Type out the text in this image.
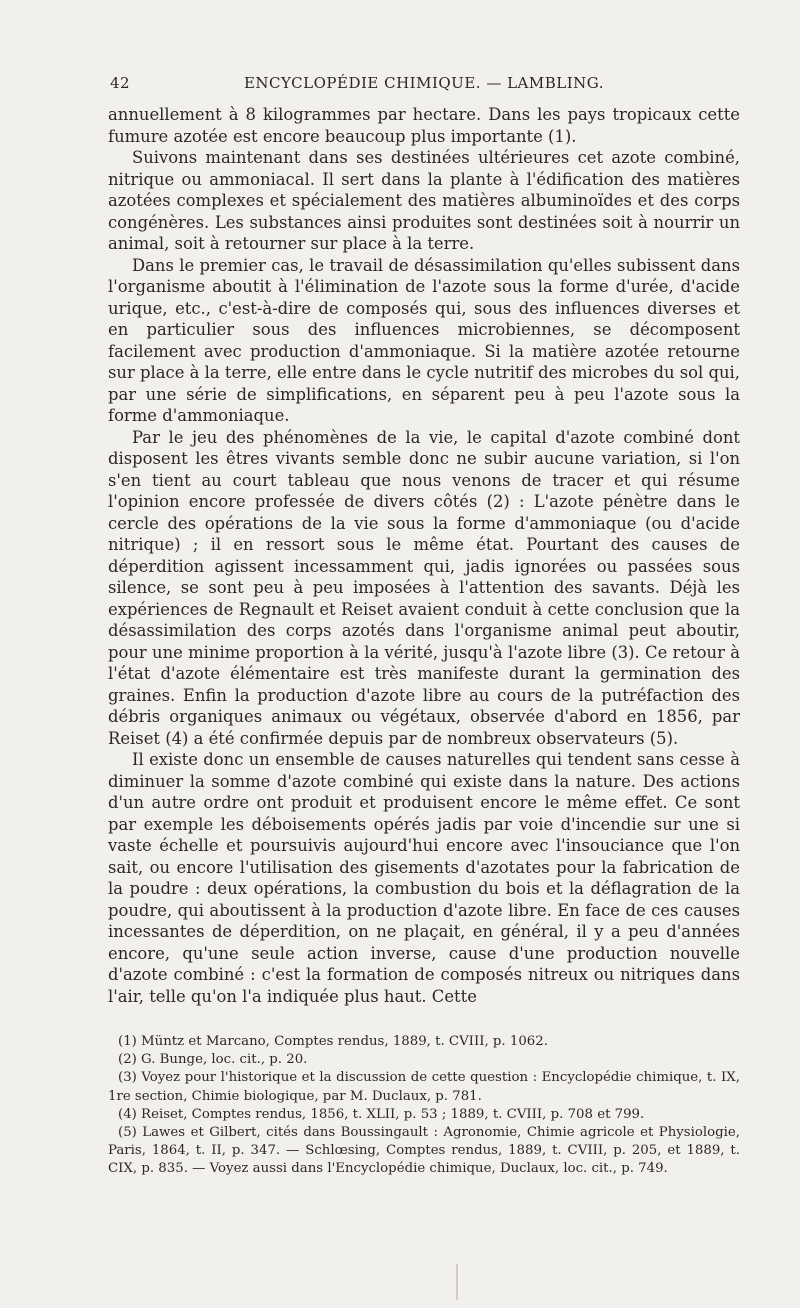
42	ENCYCLOPÉDIE CHIMIQUE. — LAMBLING.

annuellement à 8 kilogrammes par hectare. Dans les pays tropicaux cette fumure azotée est encore beaucoup plus importante (1).

Suivons maintenant dans ses destinées ultérieures cet azote combiné, nitrique ou ammoniacal. Il sert dans la plante à l'édification des matières azotées complexes et spécialement des matières albuminoïdes et des corps congénères. Les substances ainsi produites sont destinées soit à nourrir un animal, soit à retourner sur place à la terre.

Dans le premier cas, le travail de désassimilation qu'elles subissent dans l'organisme aboutit à l'élimination de l'azote sous la forme d'urée, d'acide urique, etc., c'est-à-dire de composés qui, sous des influences diverses et en particulier sous des influences microbiennes, se décomposent facilement avec production d'ammoniaque. Si la matière azotée retourne sur place à la terre, elle entre dans le cycle nutritif des microbes du sol qui, par une série de simplifications, en séparent peu à peu l'azote sous la forme d'ammoniaque.

Par le jeu des phénomènes de la vie, le capital d'azote combiné dont disposent les êtres vivants semble donc ne subir aucune variation, si l'on s'en tient au court tableau que nous venons de tracer et qui résume l'opinion encore professée de divers côtés (2) : L'azote pénètre dans le cercle des opérations de la vie sous la forme d'ammoniaque (ou d'acide nitrique) ; il en ressort sous le même état. Pourtant des causes de déperdition agissent incessamment qui, jadis ignorées ou passées sous silence, se sont peu à peu imposées à l'attention des savants. Déjà les expériences de Regnault et Reiset avaient conduit à cette conclusion que la désassimilation des corps azotés dans l'organisme animal peut aboutir, pour une minime proportion à la vérité, jusqu'à l'azote libre (3). Ce retour à l'état d'azote élémentaire est très manifeste durant la germination des graines. Enfin la production d'azote libre au cours de la putréfaction des débris organiques animaux ou végétaux, observée d'abord en 1856, par Reiset (4) a été confirmée depuis par de nombreux observateurs (5).

Il existe donc un ensemble de causes naturelles qui tendent sans cesse à diminuer la somme d'azote combiné qui existe dans la nature. Des actions d'un autre ordre ont produit et produisent encore le même effet. Ce sont par exemple les déboisements opérés jadis par voie d'incendie sur une si vaste échelle et poursuivis aujourd'hui encore avec l'insouciance que l'on sait, ou encore l'utilisation des gisements d'azotates pour la fabrication de la poudre : deux opérations, la combustion du bois et la déflagration de la poudre, qui aboutissent à la production d'azote libre. En face de ces causes incessantes de déperdition, on ne plaçait, en général, il y a peu d'années encore, qu'une seule action inverse, cause d'une production nouvelle d'azote combiné : c'est la formation de composés nitreux ou nitriques dans l'air, telle qu'on l'a indiquée plus haut. Cette

(1) Müntz et Marcano, Comptes rendus, 1889, t. CVIII, p. 1062.

(2) G. Bunge, loc. cit., p. 20.

(3) Voyez pour l'historique et la discussion de cette question : Encyclopédie chimique, t. IX, 1re section, Chimie biologique, par M. Duclaux, p. 781.

(4) Reiset, Comptes rendus, 1856, t. XLII, p. 53 ; 1889, t. CVIII, p. 708 et 799.

(5) Lawes et Gilbert, cités dans Boussingault : Agronomie, Chimie agricole et Physiologie, Paris, 1864, t. II, p. 347. — Schlœsing, Comptes rendus, 1889, t. CVIII, p. 205, et 1889, t. CIX, p. 835. — Voyez aussi dans l'Encyclopédie chimique, Duclaux, loc. cit., p. 749.
